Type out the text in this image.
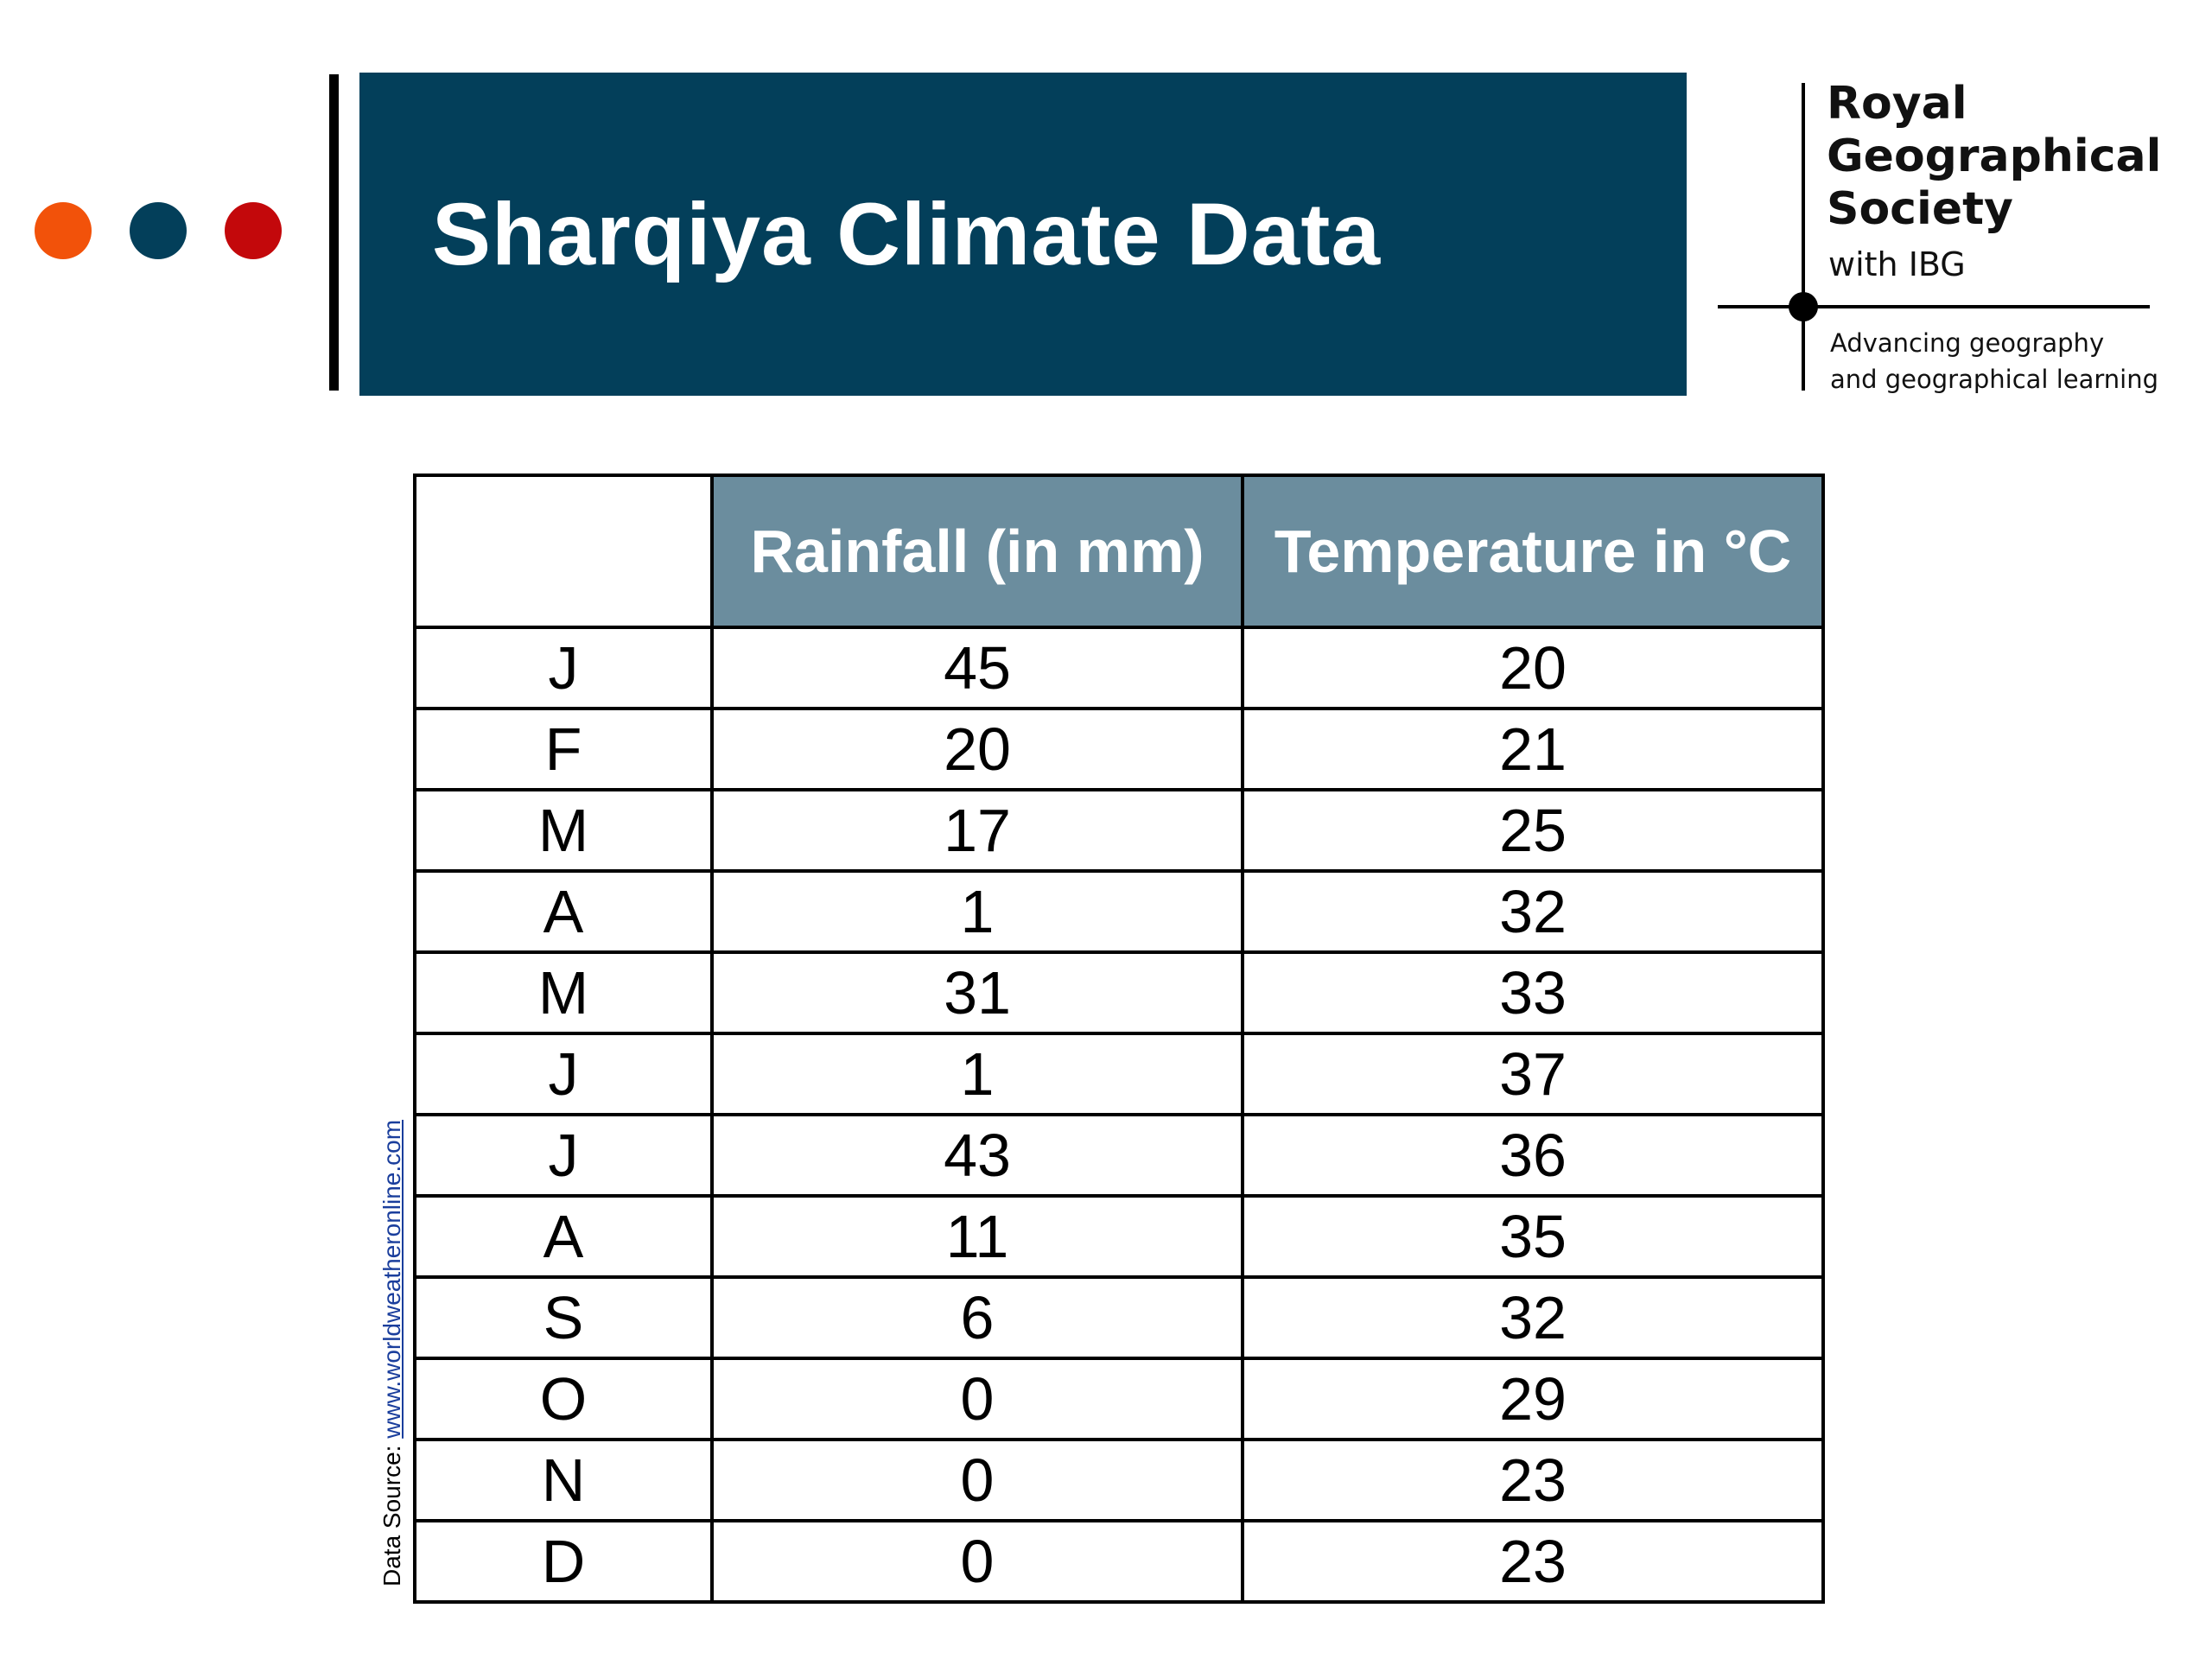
Sharqiya Climate Data
Royal
Geographical
Society
with IBG
Advancing geography
and geographical learning
	Rainfall (in mm)	Temperature in °C
J	45	20
F	20	21
M	17	25
A	1	32
M	31	33
J	1	37
J	43	36
A	11	35
S	6	32
O	0	29
N	0	23
D	0	23
Data Source: www.worldweatheronline.com
